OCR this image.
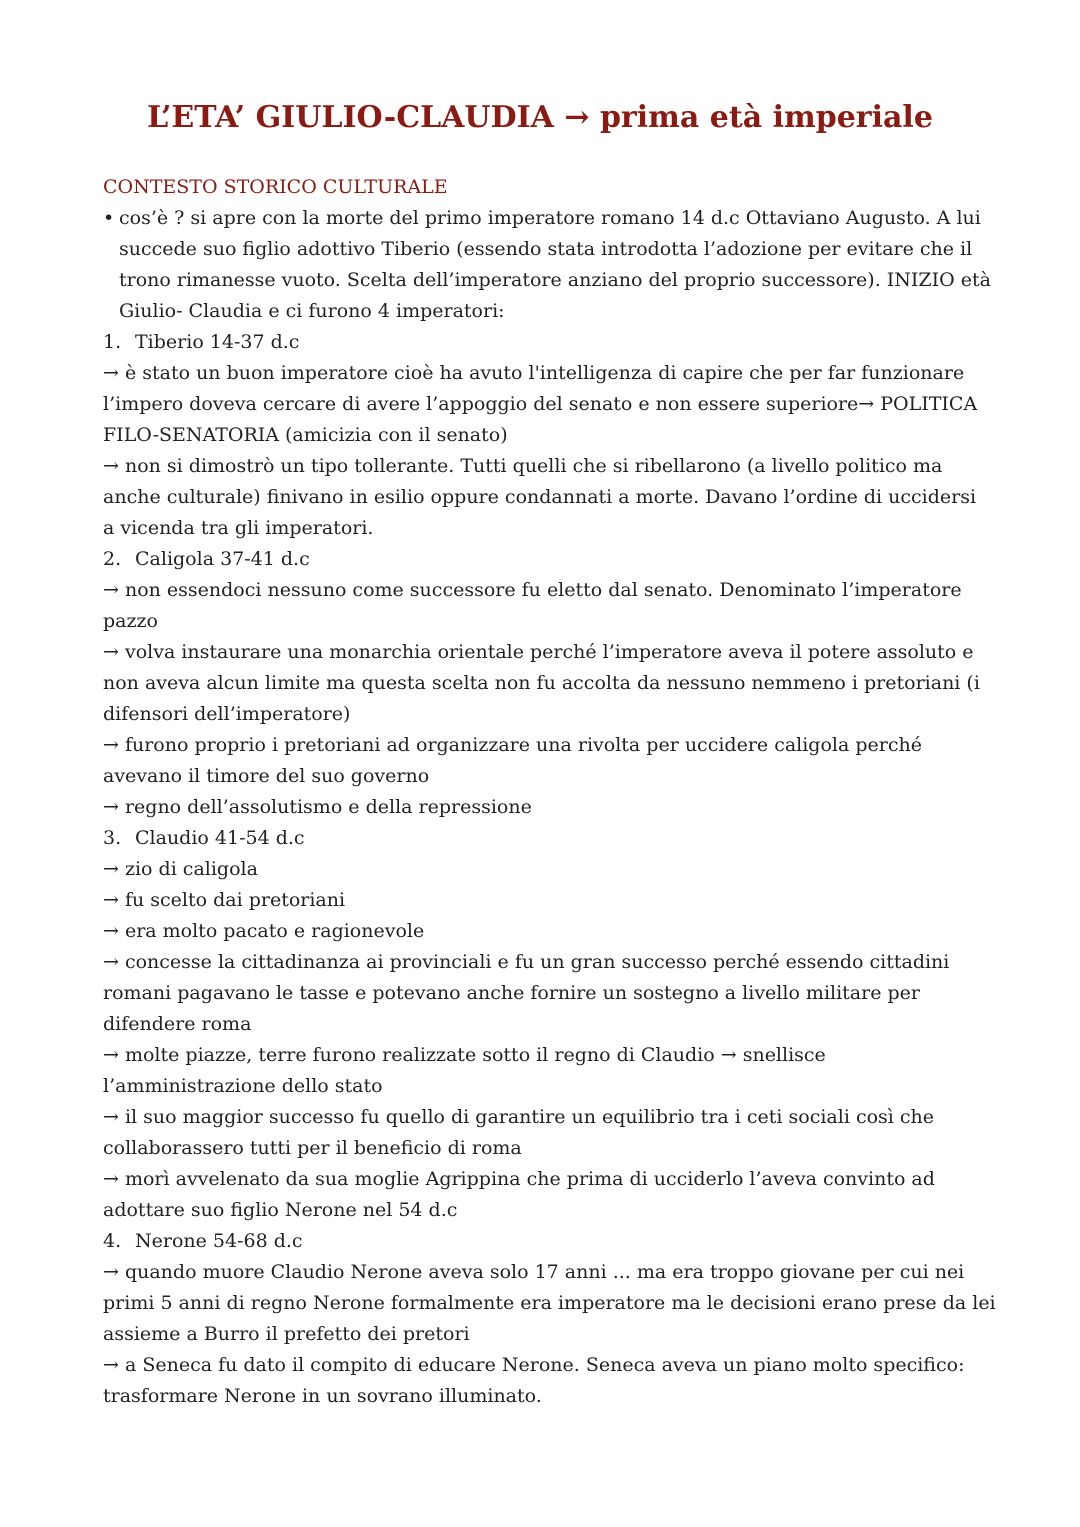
L’ETA’ GIULIO-CLAUDIA → prima età imperiale

CONTESTO STORICO CULTURALE

• cos’è ? si apre con la morte del primo imperatore romano 14 d.c Ottaviano Augusto. A lui

succede suo figlio adottivo Tiberio (essendo stata introdotta l’adozione per evitare che il

trono rimanesse vuoto. Scelta dell’imperatore anziano del proprio successore). INIZIO età

Giulio- Claudia e ci furono 4 imperatori:

1. Tiberio 14-37 d.c

→ è stato un buon imperatore cioè ha avuto l'intelligenza di capire che per far funzionare

l’impero doveva cercare di avere l’appoggio del senato e non essere superiore→ POLITICA

FILO-SENATORIA (amicizia con il senato)

→ non si dimostrò un tipo tollerante. Tutti quelli che si ribellarono (a livello politico ma

anche culturale) finivano in esilio oppure condannati a morte. Davano l’ordine di uccidersi

a vicenda tra gli imperatori.

2. Caligola 37-41 d.c

→ non essendoci nessuno come successore fu eletto dal senato. Denominato l’imperatore

pazzo

→ volva instaurare una monarchia orientale perché l’imperatore aveva il potere assoluto e

non aveva alcun limite ma questa scelta non fu accolta da nessuno nemmeno i pretoriani (i

difensori dell’imperatore)

→ furono proprio i pretoriani ad organizzare una rivolta per uccidere caligola perché

avevano il timore del suo governo

→ regno dell’assolutismo e della repressione

3. Claudio 41-54 d.c

→ zio di caligola

→ fu scelto dai pretoriani

→ era molto pacato e ragionevole

→ concesse la cittadinanza ai provinciali e fu un gran successo perché essendo cittadini

romani pagavano le tasse e potevano anche fornire un sostegno a livello militare per

difendere roma

→ molte piazze, terre furono realizzate sotto il regno di Claudio → snellisce

l’amministrazione dello stato

→ il suo maggior successo fu quello di garantire un equilibrio tra i ceti sociali così che

collaborassero tutti per il beneficio di roma

→ morì avvelenato da sua moglie Agrippina che prima di ucciderlo l’aveva convinto ad

adottare suo figlio Nerone nel 54 d.c

4. Nerone 54-68 d.c

→ quando muore Claudio Nerone aveva solo 17 anni ... ma era troppo giovane per cui nei

primi 5 anni di regno Nerone formalmente era imperatore ma le decisioni erano prese da lei

assieme a Burro il prefetto dei pretori

→ a Seneca fu dato il compito di educare Nerone. Seneca aveva un piano molto specifico:

trasformare Nerone in un sovrano illuminato.
